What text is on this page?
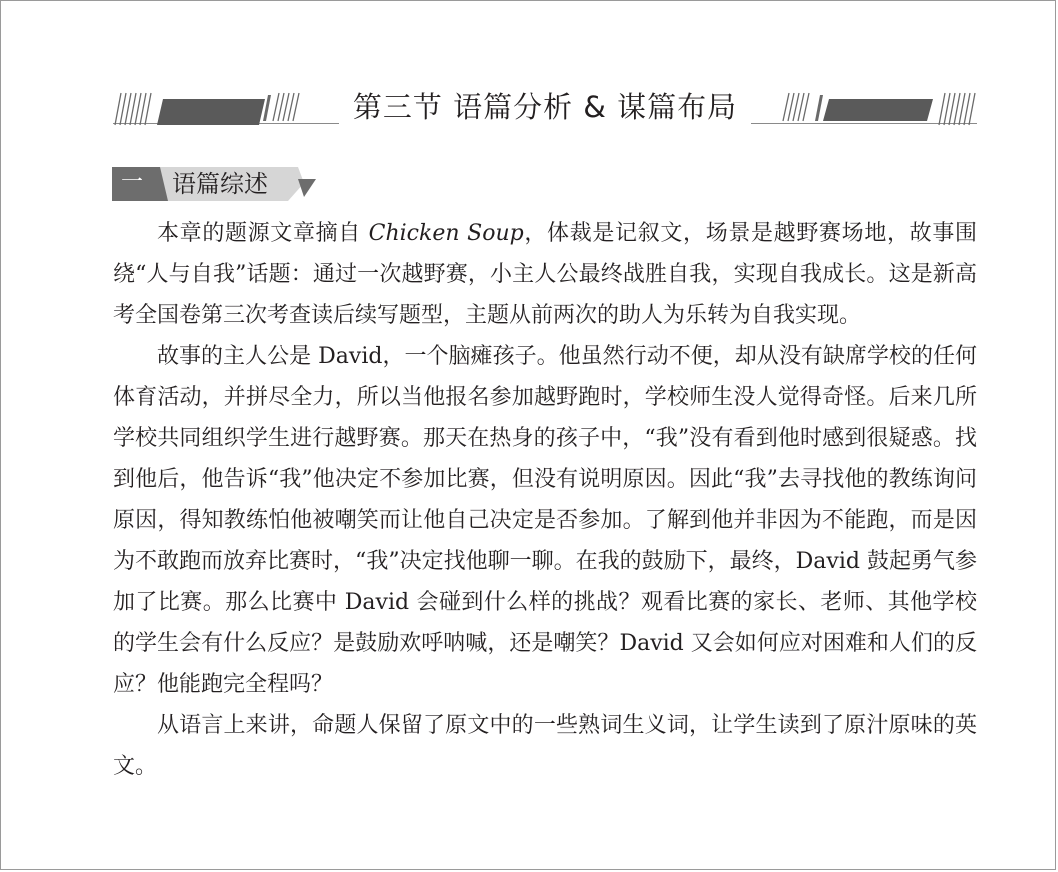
第三节 语篇分析 & 谋篇布局
一	语篇综述

本章的题源文章摘自 Chicken Soup，体裁是记叙文，场景是越野赛场地，故事围绕“人与自我”话题：通过一次越野赛，小主人公最终战胜自我，实现自我成长。这是新高考全国卷第三次考查读后续写题型，主题从前两次的助人为乐转为自我实现。

故事的主人公是 David，一个脑瘫孩子。他虽然行动不便，却从没有缺席学校的任何体育活动，并拼尽全力，所以当他报名参加越野跑时，学校师生没人觉得奇怪。后来几所学校共同组织学生进行越野赛。那天在热身的孩子中，“我”没有看到他时感到很疑惑。找到他后，他告诉“我”他决定不参加比赛，但没有说明原因。因此“我”去寻找他的教练询问原因，得知教练怕他被嘲笑而让他自己决定是否参加。了解到他并非因为不能跑，而是因为不敢跑而放弃比赛时，“我”决定找他聊一聊。在我的鼓励下，最终，David 鼓起勇气参加了比赛。那么比赛中 David 会碰到什么样的挑战？观看比赛的家长、老师、其他学校的学生会有什么反应？是鼓励欢呼呐喊，还是嘲笑？David 又会如何应对困难和人们的反应？他能跑完全程吗？

从语言上来讲，命题人保留了原文中的一些熟词生义词，让学生读到了原汁原味的英文。
